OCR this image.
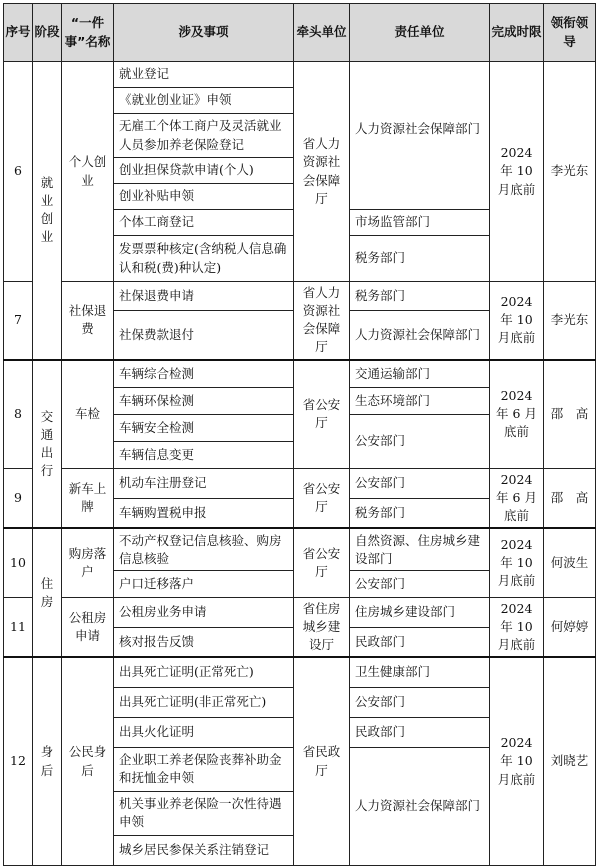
序号	阶段	“一件事”名称	涉及事项	牵头单位	责任单位	完成时限	领衔领导
6	就业创业	个人创业	就业登记	省人力资源社会保障厅	人力资源社会保障部门	2024 年 10 月底前	李光东
			《就业创业证》申领				
			无雇工个体工商户及灵活就业人员参加养老保险登记				
			创业担保贷款申请(个人)				
			创业补贴申领				
			个体工商登记		市场监管部门		
			发票票种核定(含纳税人信息确认和税(费)种认定)		税务部门		
7		社保退费	社保退费申请	省人力资源社会保障厅	税务部门	2024 年 10 月底前	李光东
			社保费款退付		人力资源社会保障部门		
8	交通出行	车检	车辆综合检测	省公安厅	交通运输部门	2024 年 6 月底前	邵　高
			车辆环保检测		生态环境部门		
			车辆安全检测		公安部门		
			车辆信息变更				
9		新车上牌	机动车注册登记	省公安厅	公安部门	2024 年 6 月底前	邵　高
			车辆购置税申报		税务部门		
10	住房	购房落户	不动产权登记信息核验、购房信息核验	省公安厅	自然资源、住房城乡建设部门	2024 年 10 月底前	何波生
			户口迁移落户		公安部门		
11		公租房申请	公租房业务申请	省住房城乡建设厅	住房城乡建设部门	2024 年 10 月底前	何婷婷
			核对报告反馈		民政部门		
12	身后	公民身后	出具死亡证明(正常死亡)	省民政厅	卫生健康部门	2024 年 10 月底前	刘晓艺
			出具死亡证明(非正常死亡)		公安部门		
			出具火化证明		民政部门		
			企业职工养老保险丧葬补助金和抚恤金申领		人力资源社会保障部门		
			机关事业养老保险一次性待遇申领				
			城乡居民参保关系注销登记				
